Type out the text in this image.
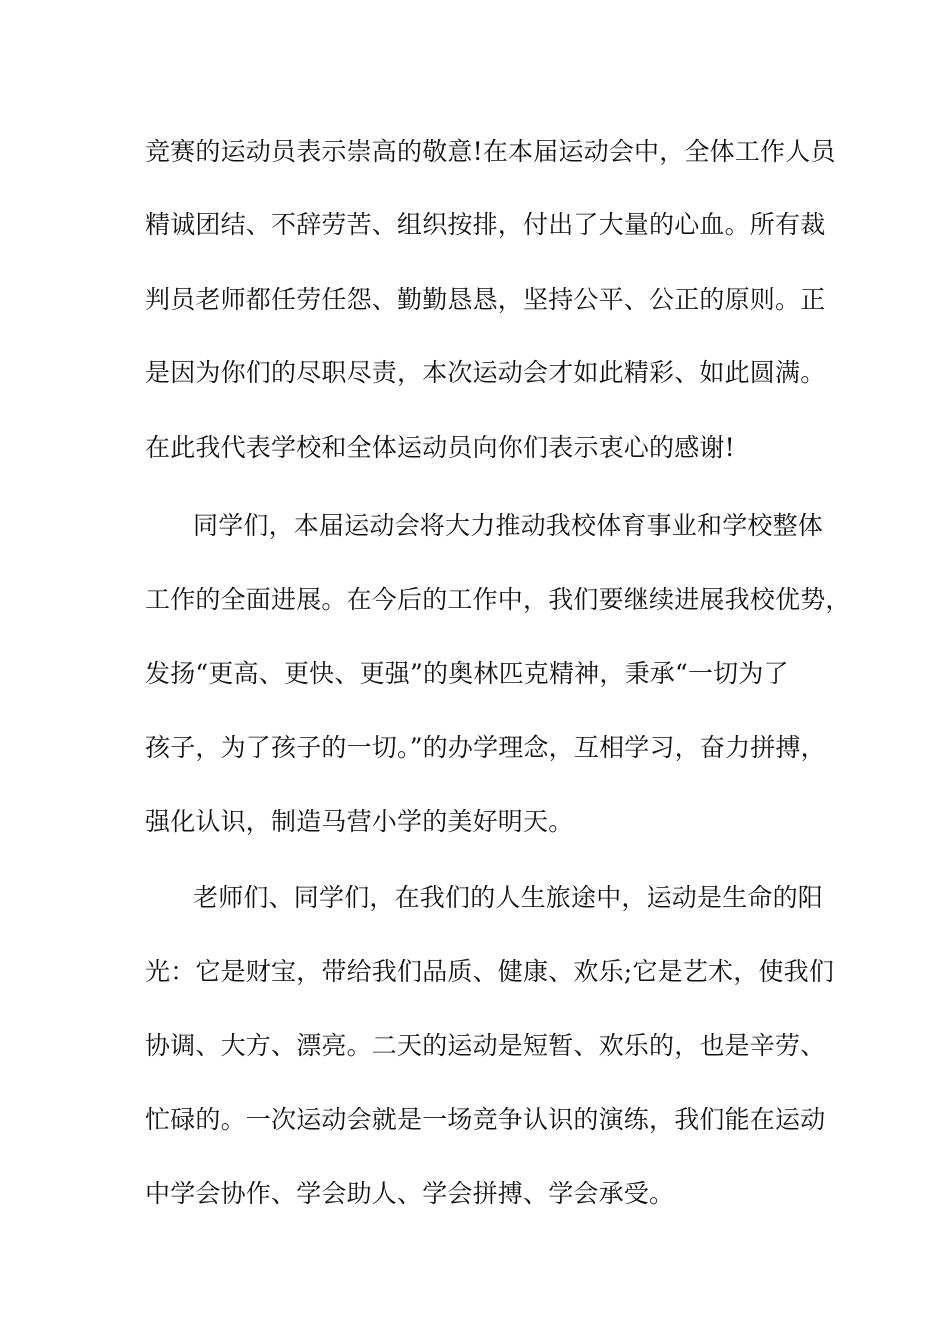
竞赛的运动员表示崇高的敬意!在本届运动会中，全体工作人员
精诚团结、不辞劳苦、组织按排，付出了大量的心血。所有裁
判员老师都任劳任怨、勤勤恳恳，坚持公平、公正的原则。正
是因为你们的尽职尽责，本次运动会才如此精彩、如此圆满。
在此我代表学校和全体运动员向你们表示衷心的感谢!
同学们，本届运动会将大力推动我校体育事业和学校整体
工作的全面进展。在今后的工作中，我们要继续进展我校优势，
发扬“更高、更快、更强”的奥林匹克精神，秉承“一切为了
孩子，为了孩子的一切。”的办学理念，互相学习，奋力拼搏，
强化认识，制造马营小学的美好明天。
老师们、同学们，在我们的人生旅途中，运动是生命的阳
光：它是财宝，带给我们品质、健康、欢乐;它是艺术，使我们
协调、大方、漂亮。二天的运动是短暂、欢乐的，也是辛劳、
忙碌的。一次运动会就是一场竞争认识的演练，我们能在运动
中学会协作、学会助人、学会拼搏、学会承受。
